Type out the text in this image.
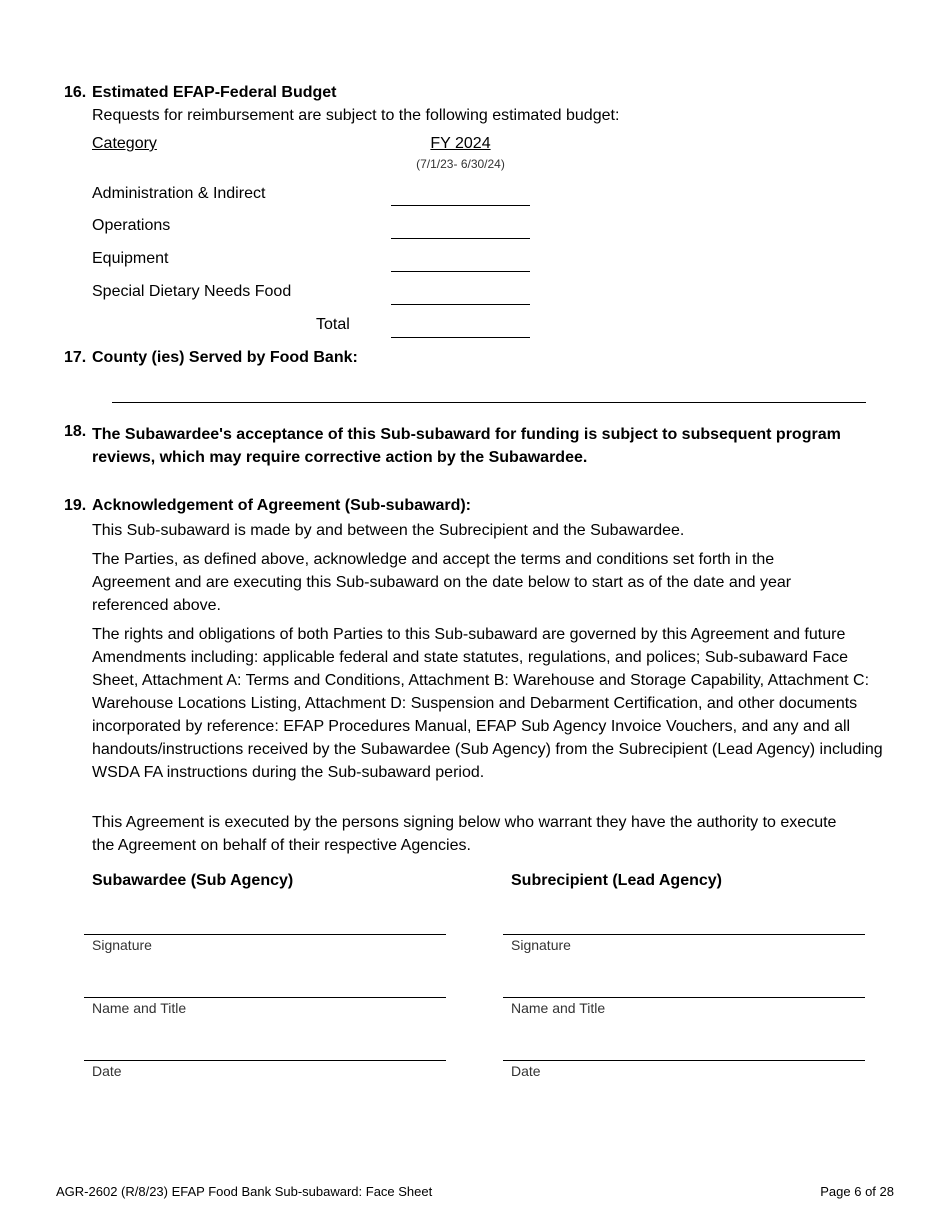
16. Estimated EFAP-Federal Budget
Requests for reimbursement are subject to the following estimated budget:
Category	FY 2024
(7/1/23- 6/30/24)
Administration & Indirect
Operations
Equipment
Special Dietary Needs Food
Total
17. County (ies) Served by Food Bank:
18. The Subawardee's acceptance of this Sub-subaward for funding is subject to subsequent program reviews, which may require corrective action by the Subawardee.
19. Acknowledgement of Agreement (Sub-subaward):
This Sub-subaward is made by and between the Subrecipient and the Subawardee.
The Parties, as defined above, acknowledge and accept the terms and conditions set forth in the Agreement and are executing this Sub-subaward on the date below to start as of the date and year referenced above.
The rights and obligations of both Parties to this Sub-subaward are governed by this Agreement and future Amendments including: applicable federal and state statutes, regulations, and polices; Sub-subaward Face Sheet, Attachment A: Terms and Conditions, Attachment B: Warehouse and Storage Capability, Attachment C: Warehouse Locations Listing, Attachment D: Suspension and Debarment Certification, and other documents incorporated by reference: EFAP Procedures Manual, EFAP Sub Agency Invoice Vouchers, and any and all handouts/instructions received by the Subawardee (Sub Agency) from the Subrecipient (Lead Agency) including WSDA FA instructions during the Sub-subaward period.
This Agreement is executed by the persons signing below who warrant they have the authority to execute the Agreement on behalf of their respective Agencies.
Subawardee (Sub Agency)	Subrecipient (Lead Agency)
Signature	Signature
Name and Title	Name and Title
Date	Date
AGR-2602 (R/8/23) EFAP Food Bank Sub-subaward: Face Sheet	Page 6 of 28
